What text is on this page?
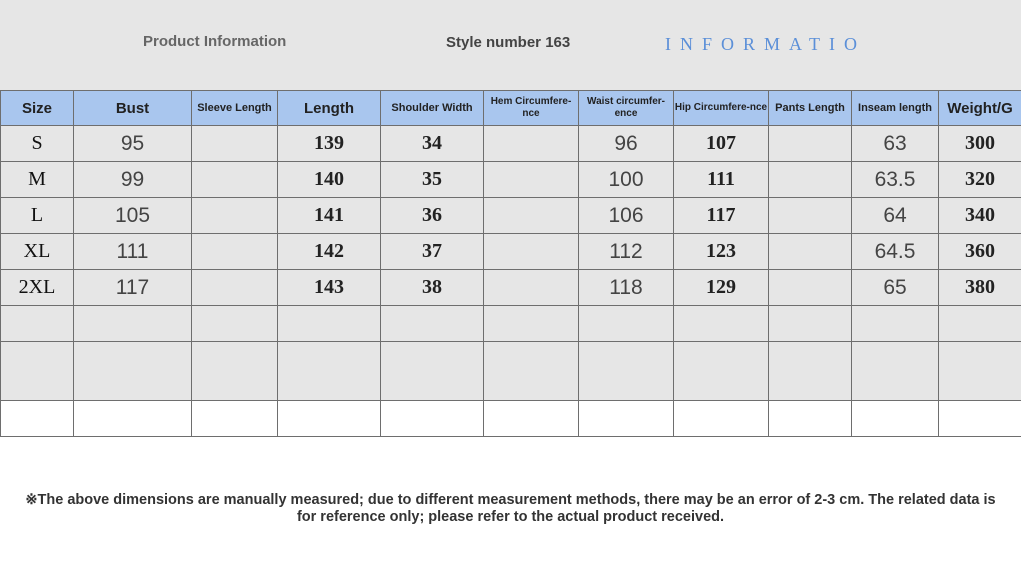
Product Information	Style number 163	INFORMATIO
Size	Bust	Sleeve Length	Length	Shoulder Width	Hem Circumfere-nce	Waist circumfer-ence	Hip Circumfere-nce	Pants Length	Inseam length	Weight/G
S	95		139	34		96	107		63	300
M	99		140	35		100	111		63.5	320
L	105		141	36		106	117		64	340
XL	111		142	37		112	123		64.5	360
2XL	117		143	38		118	129		65	380

※The above dimensions are manually measured; due to different measurement methods, there may be an error of 2-3 cm. The related data is
for reference only; please refer to the actual product received.
